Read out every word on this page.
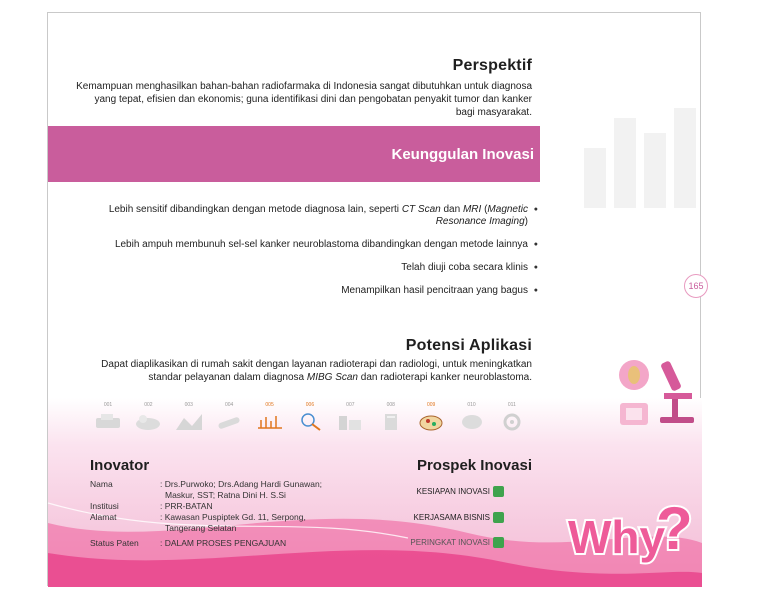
Perspektif
Kemampuan menghasilkan bahan-bahan radiofarmaka di Indonesia sangat dibutuhkan untuk diagnosa
yang tepat, efisien dan ekonomis; guna identifikasi dini dan pengobatan penyakit tumor dan kanker
bagi masyarakat.
Keunggulan Inovasi
Lebih sensitif dibandingkan dengan metode diagnosa lain, seperti CT Scan dan MRI (Magnetic Resonance Imaging) ●
Lebih ampuh membunuh sel-sel kanker neuroblastoma dibandingkan dengan metode lainnya ●
Telah diuji coba secara klinis ●
Menampilkan hasil pencitraan yang bagus ●	165
Potensi Aplikasi
Dapat diaplikasikan di rumah sakit dengan layanan radioterapi dan radiologi, untuk meningkatkan
standar pelayanan dalam diagnosa MIBG Scan dan radioterapi kanker neuroblastoma.
001	002	003	004	005	006	007	008	009	010	011
Inovator
Nama	: Drs.Purwoko; Drs.Adang Hardi Gunawan;
	Maskur, SST; Ratna Dini H. S.Si
Institusi	: PRR-BATAN
Alamat	: Kawasan Puspiptek Gd. 11, Serpong,
	Tangerang Selatan
Status Paten	: DALAM PROSES PENGAJUAN
Prospek Inovasi
KESIAPAN INOVASI
KERJASAMA BISNIS
PERINGKAT INOVASI Why
?
